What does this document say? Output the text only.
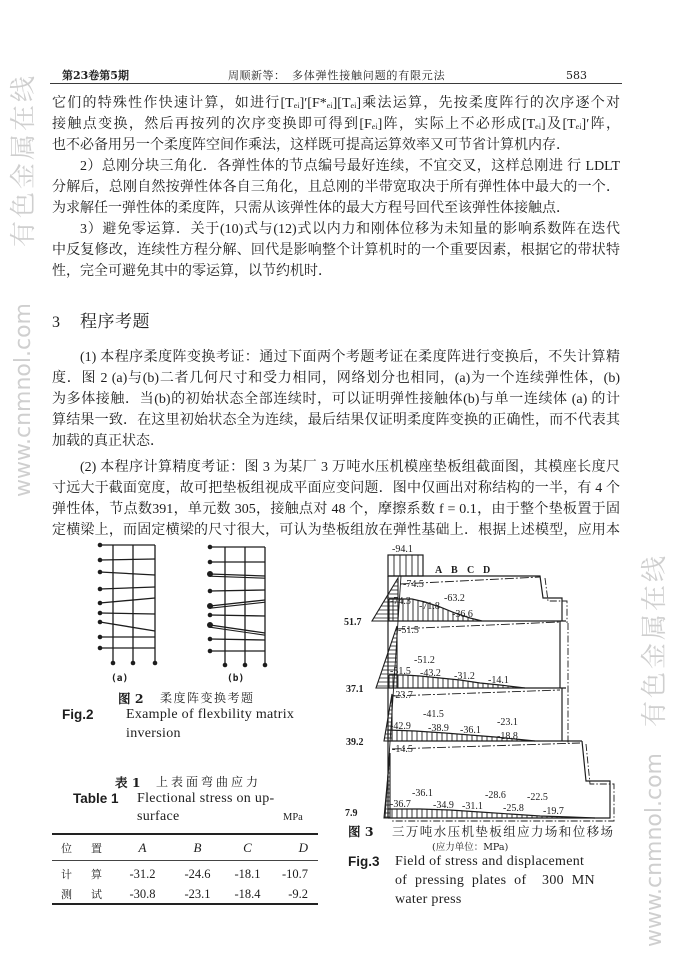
有色金属在线
www.cnmnol.com
有色金属在线
www.cnmnol.com
第23卷第5期	周顺新等： 多体弹性接触问题的有限元法	583
它们的特殊性作快速计算，如进行[Tₑᵢ]′[F*ₑᵢ][Tₑᵢ]乘法运算，先按柔度阵行的次序逐个对
接触点变换，然后再按列的次序变换即可得到[Fₑᵢ]阵，实际上不必形成[Tₑᵢ]及[Tₑᵢ]′阵，
也不必备用另一个柔度阵空间作乘法，这样既可提高运算效率又可节省计算机内存．
2）总刚分块三角化．各弹性体的节点编号最好连续，不宜交叉，这样总刚进 行 LDLT
分解后，总刚自然按弹性体各自三角化，且总刚的半带宽取决于所有弹性体中最大的一个．
为求解任一弹性体的柔度阵，只需从该弹性体的最大方程号回代至该弹性体接触点．
3）避免零运算．关于(10)式与(12)式以内力和刚体位移为未知量的影响系数阵在迭代
中反复修改，连续性方程分解、回代是影响整个计算机时的一个重要因素，根据它的带状特
性，完全可避免其中的零运算，以节约机时．
3 程序考题
(1) 本程序柔度阵变换考证：通过下面两个考题考证在柔度阵进行变换后，不失计算精
度．图 2 (a)与(b)二者几何尺寸和受力相同，网络划分也相同，(a)为一个连续弹性体，(b)
为多体接触．当(b)的初始状态全部连续时，可以证明弹性接触体(b)与单一连续体 (a) 的计
算结果一致．在这里初始状态全为连续，最后结果仅证明柔度阵变换的正确性，而不代表其
加载的真正状态．
(2) 本程序计算精度考证：图 3 为某厂 3 万吨水压机模座垫板组截面图，其模座长度尺
寸远大于截面宽度，故可把垫板组视成平面应变问题．图中仅画出对称结构的一半，有 4 个
弹性体，节点数391，单元数 305，接触点对 48 个，摩擦系数 f = 0.1，由于整个垫板置于固
定横梁上，而固定横梁的尺寸很大，可认为垫板组放在弹性基础上．根据上述模型，应用本
(a)	(b)
-94.1
A B C D
-74.5
-63.2
-74.3 -71.8
-36.6
51.7
-51.5
-51.2
-51.5 -43.2 -31.2 -14.1
37.1
-23.7
-41.5
-42.9 -38.9 -36.1
-23.1
-18.8
39.2
-14.5
-36.1
-36.7 -34.9 -31.1
-28.6
-25.8
-22.5
-19.7
7.9
图 2 柔度阵变换考题
Fig.2 Example of flexbility matrix
inversion
表 1 上表面弯曲应力
Table 1 Flectional stress on up-
surface	MPa
位　置	A	B	C	D
计　算	-31.2	-24.6	-18.1	-10.7
测　试	-30.8	-23.1	-18.4	-9.2
图 3 三万吨水压机垫板组应力场和位移场
(应力单位：MPa)
Fig.3 Field of stress and displacement
of pressing plates of  300 MN
water press
